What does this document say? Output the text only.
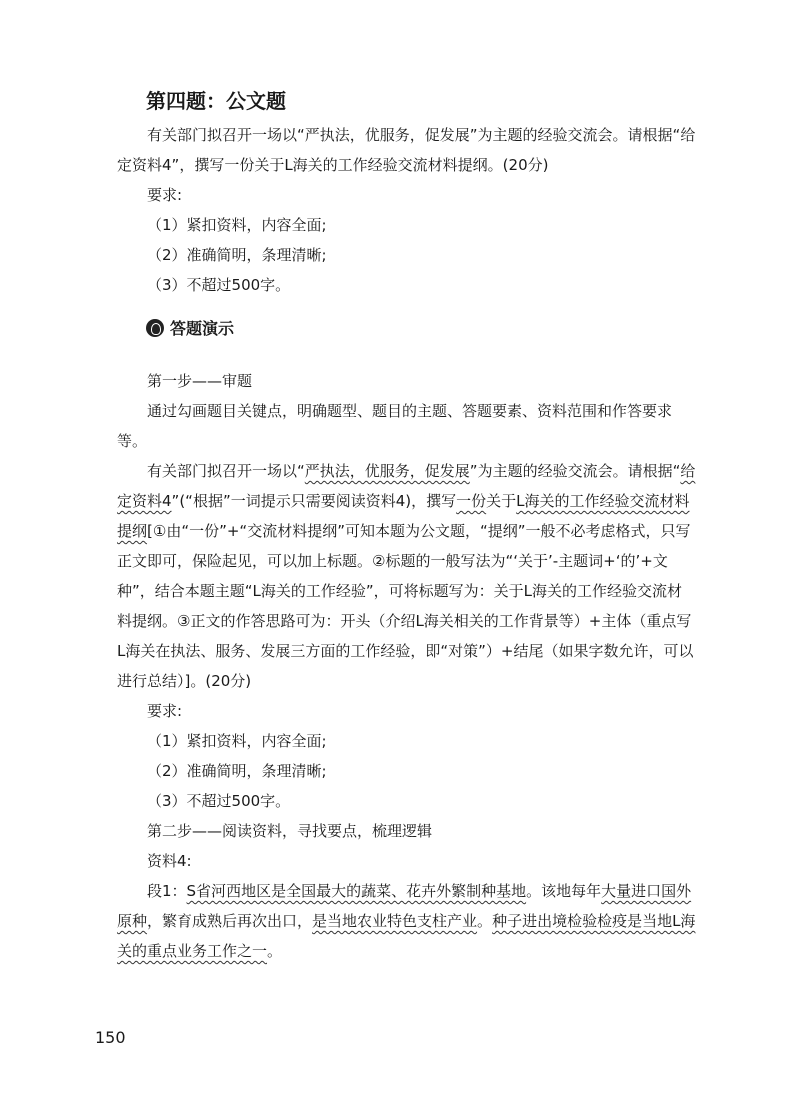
第四题：公文题

有关部门拟召开一场以“严执法，优服务，促发展”为主题的经验交流会。请根据“给定资料4”，撰写一份关于L海关的工作经验交流材料提纲。(20分)

要求:

（1）紧扣资料，内容全面;

（2）准确简明，条理清晰;

（3）不超过500字。

答题演示

第一步——审题

通过勾画题目关键点，明确题型、题目的主题、答题要素、资料范围和作答要求等。

有关部门拟召开一场以“严执法，优服务，促发展”为主题的经验交流会。请根据“给定资料4”(“根据”一词提示只需要阅读资料4)，撰写一份关于L海关的工作经验交流材料提纲[①由“一份”+“交流材料提纲”可知本题为公文题，“提纲”一般不必考虑格式，只写正文即可，保险起见，可以加上标题。②标题的一般写法为“‘关于’-主题词+‘的’+文种”，结合本题主题“L海关的工作经验”，可将标题写为：关于L海关的工作经验交流材料提纲。③正文的作答思路可为：开头（介绍L海关相关的工作背景等）+主体（重点写L海关在执法、服务、发展三方面的工作经验，即“对策”）+结尾（如果字数允许，可以进行总结）]。(20分)

要求:

（1）紧扣资料，内容全面;

（2）准确简明，条理清晰;

（3）不超过500字。

第二步——阅读资料，寻找要点，梳理逻辑

资料4:

段1：S省河西地区是全国最大的蔬菜、花卉外繁制种基地。该地每年大量进口国外原种，繁育成熟后再次出口，是当地农业特色支柱产业。种子进出境检验检疫是当地L海关的重点业务工作之一。

150
